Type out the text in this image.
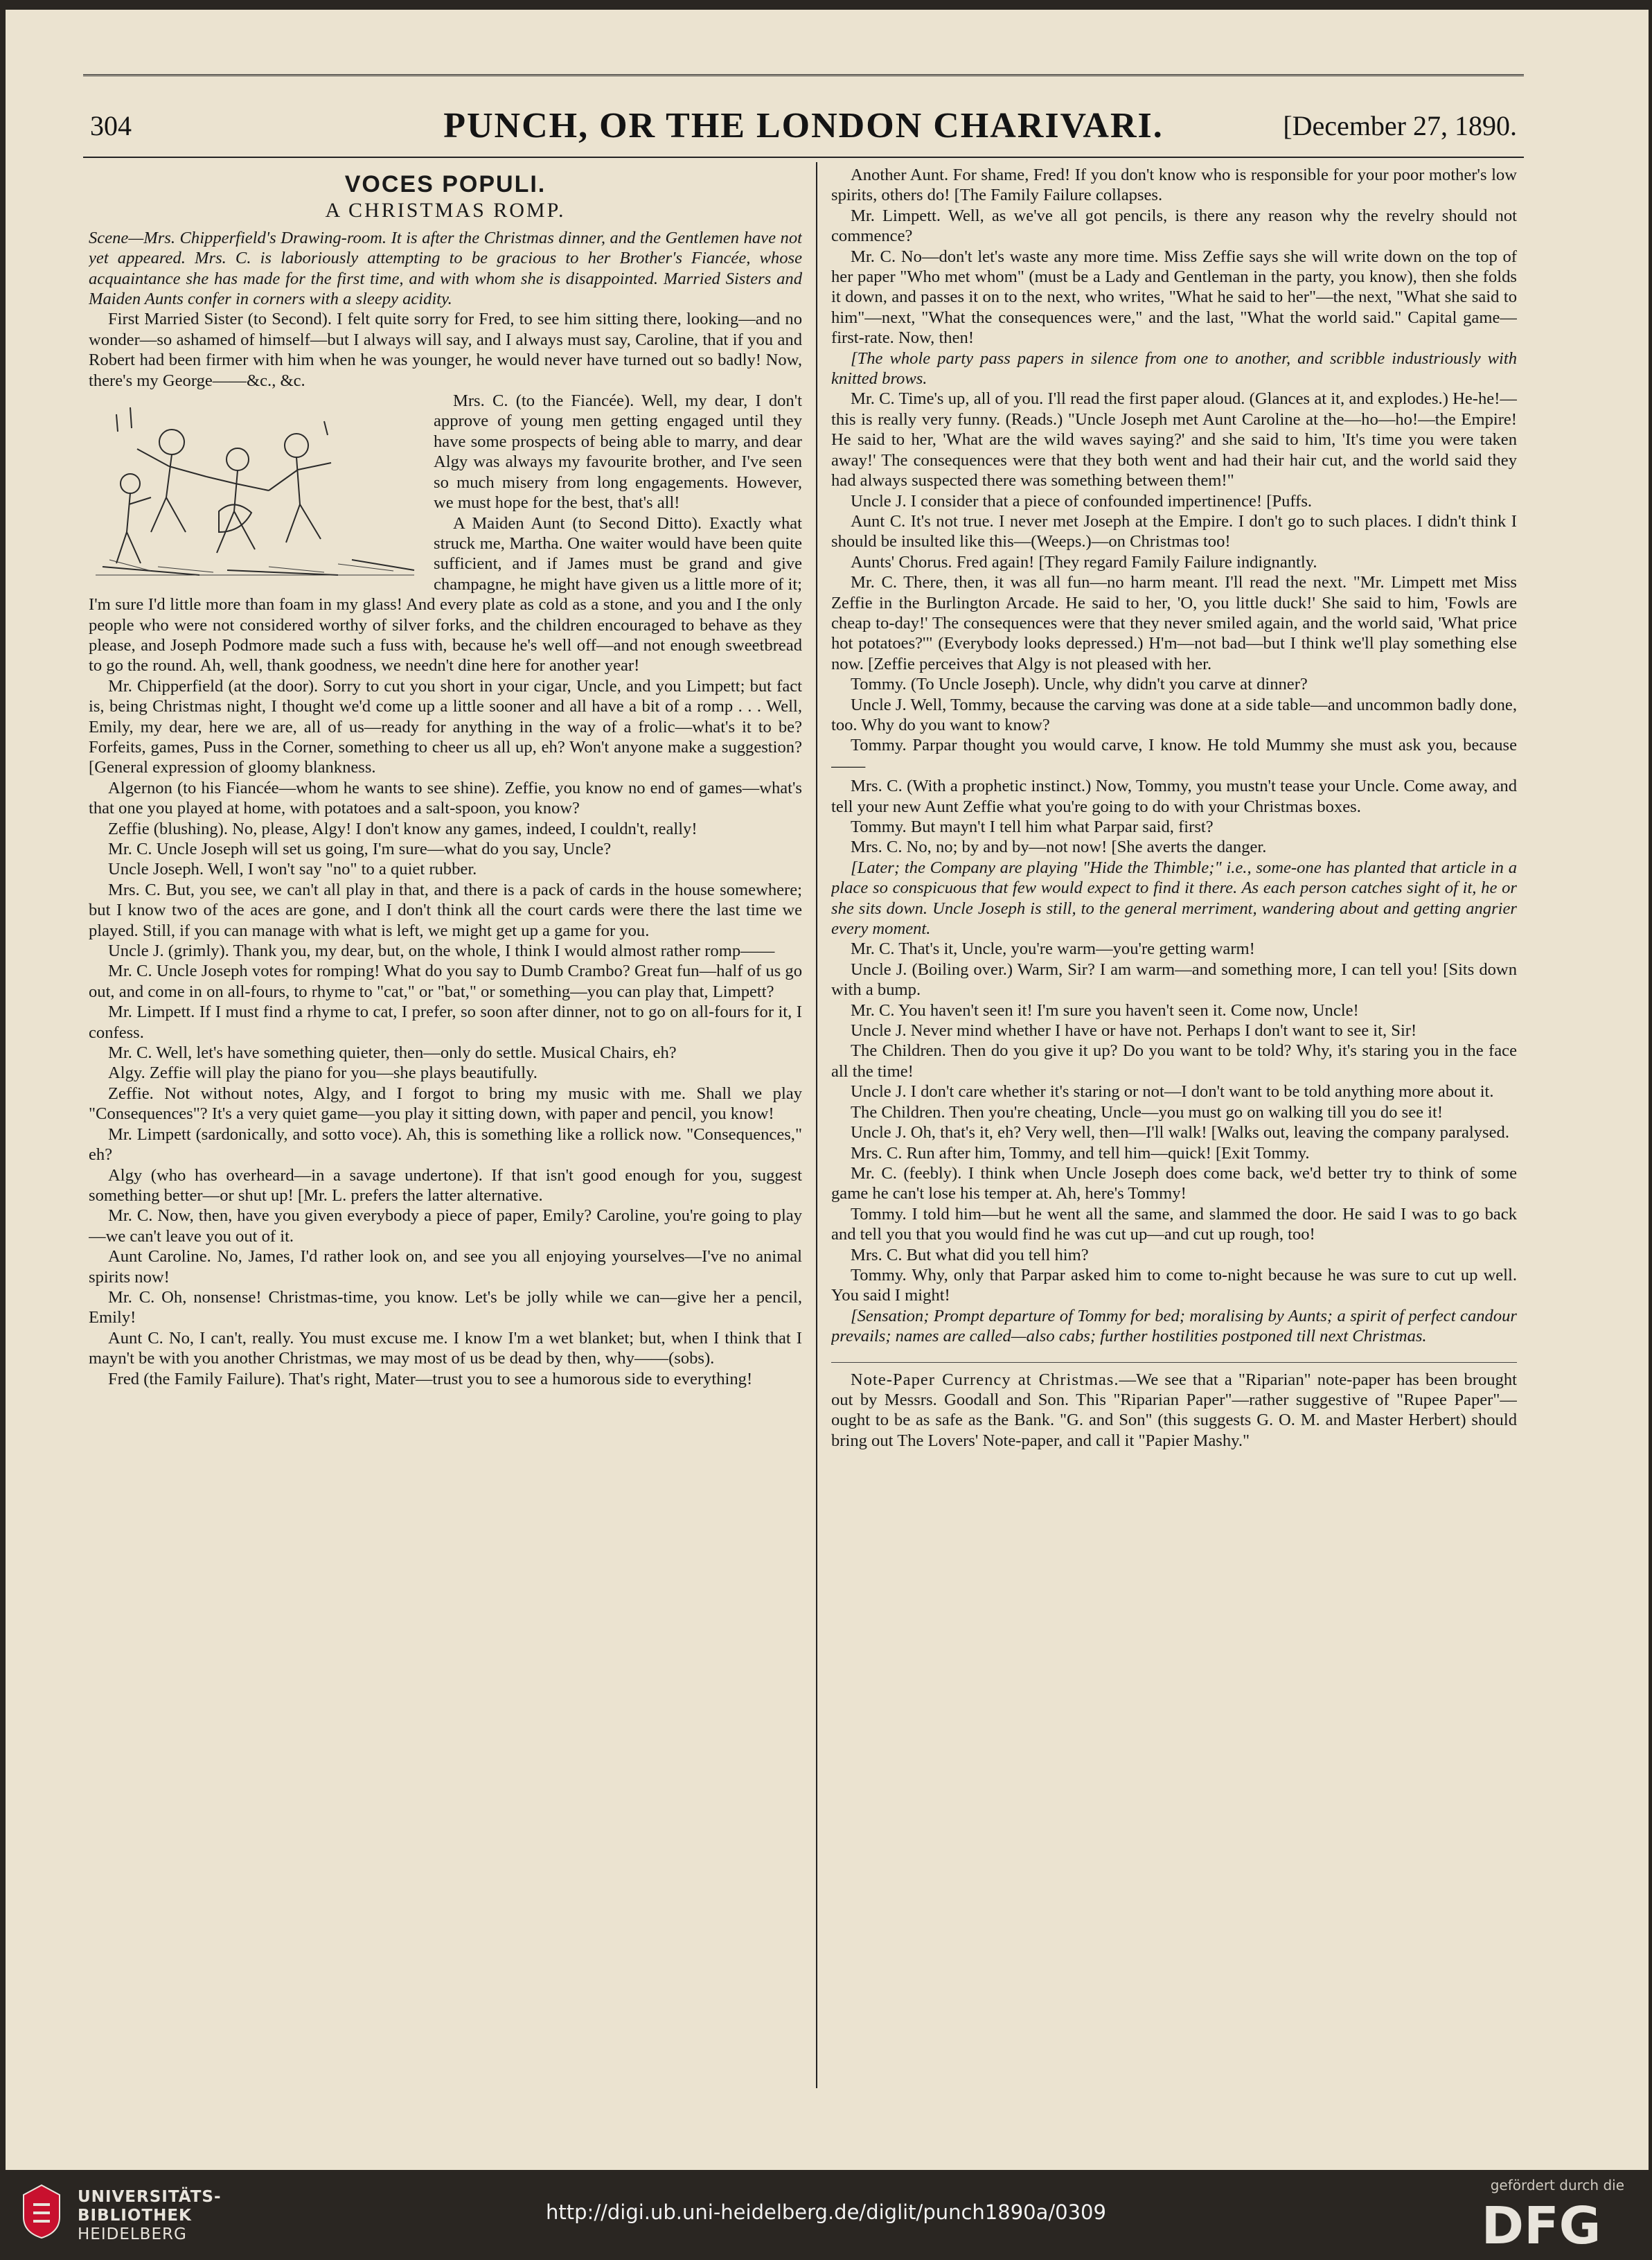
304	PUNCH, OR THE LONDON CHARIVARI.	[December 27, 1890.
VOCES POPULI.
A CHRISTMAS ROMP.

Scene—Mrs. Chipperfield's Drawing-room. It is after the Christmas dinner, and the Gentlemen have not yet appeared. Mrs. C. is laboriously attempting to be gracious to her Brother's Fiancée, whose acquaintance she has made for the first time, and with whom she is disappointed. Married Sisters and Maiden Aunts confer in corners with a sleepy acidity.

First Married Sister (to Second). I felt quite sorry for Fred, to see him sitting there, looking—and no wonder—so ashamed of himself—but I always will say, and I always must say, Caroline, that if you and Robert had been firmer with him when he was younger, he would never have turned out so badly! Now, there's my George——&c., &c.

Mrs. C. (to the Fiancée). Well, my dear, I don't approve of young men getting engaged until they have some prospects of being able to marry, and dear Algy was always my favourite brother, and I've seen so much misery from long engagements. However, we must hope for the best, that's all!

A Maiden Aunt (to Second Ditto). Exactly what struck me, Martha. One waiter would have been quite sufficient, and if James must be grand and give champagne, he might have given us a little more of it; I'm sure I'd little more than foam in my glass! And every plate as cold as a stone, and you and I the only people who were not considered worthy of silver forks, and the children encouraged to behave as they please, and Joseph Podmore made such a fuss with, because he's well off—and not enough sweetbread to go the round. Ah, well, thank goodness, we needn't dine here for another year!

Mr. Chipperfield (at the door). Sorry to cut you short in your cigar, Uncle, and you Limpett; but fact is, being Christmas night, I thought we'd come up a little sooner and all have a bit of a romp . . . Well, Emily, my dear, here we are, all of us—ready for anything in the way of a frolic—what's it to be? Forfeits, games, Puss in the Corner, something to cheer us all up, eh? Won't anyone make a suggestion? [General expression of gloomy blankness.

Algernon (to his Fiancée—whom he wants to see shine). Zeffie, you know no end of games—what's that one you played at home, with potatoes and a salt-spoon, you know?

Zeffie (blushing). No, please, Algy! I don't know any games, indeed, I couldn't, really!

Mr. C. Uncle Joseph will set us going, I'm sure—what do you say, Uncle?

Uncle Joseph. Well, I won't say "no" to a quiet rubber.

Mrs. C. But, you see, we can't all play in that, and there is a pack of cards in the house somewhere; but I know two of the aces are gone, and I don't think all the court cards were there the last time we played. Still, if you can manage with what is left, we might get up a game for you.

Uncle J. (grimly). Thank you, my dear, but, on the whole, I think I would almost rather romp——

Mr. C. Uncle Joseph votes for romping! What do you say to Dumb Crambo? Great fun—half of us go out, and come in on all-fours, to rhyme to "cat," or "bat," or something—you can play that, Limpett?

Mr. Limpett. If I must find a rhyme to cat, I prefer, so soon after dinner, not to go on all-fours for it, I confess.

Mr. C. Well, let's have something quieter, then—only do settle. Musical Chairs, eh?

Algy. Zeffie will play the piano for you—she plays beautifully.

Zeffie. Not without notes, Algy, and I forgot to bring my music with me. Shall we play "Consequences"? It's a very quiet game—you play it sitting down, with paper and pencil, you know!

Mr. Limpett (sardonically, and sotto voce). Ah, this is something like a rollick now. "Consequences," eh?

Algy (who has overheard—in a savage undertone). If that isn't good enough for you, suggest something better—or shut up! [Mr. L. prefers the latter alternative.

Mr. C. Now, then, have you given everybody a piece of paper, Emily? Caroline, you're going to play—we can't leave you out of it.

Aunt Caroline. No, James, I'd rather look on, and see you all enjoying yourselves—I've no animal spirits now!

Mr. C. Oh, nonsense! Christmas-time, you know. Let's be jolly while we can—give her a pencil, Emily!

Aunt C. No, I can't, really. You must excuse me. I know I'm a wet blanket; but, when I think that I mayn't be with you another Christmas, we may most of us be dead by then, why——(sobs).

Fred (the Family Failure). That's right, Mater—trust you to see a humorous side to everything!

Another Aunt. For shame, Fred! If you don't know who is responsible for your poor mother's low spirits, others do! [The Family Failure collapses.

Mr. Limpett. Well, as we've all got pencils, is there any reason why the revelry should not commence?

Mr. C. No—don't let's waste any more time. Miss Zeffie says she will write down on the top of her paper "Who met whom" (must be a Lady and Gentleman in the party, you know), then she folds it down, and passes it on to the next, who writes, "What he said to her"—the next, "What she said to him"—next, "What the consequences were," and the last, "What the world said." Capital game—first-rate. Now, then!

[The whole party pass papers in silence from one to another, and scribble industriously with knitted brows.

Mr. C. Time's up, all of you. I'll read the first paper aloud. (Glances at it, and explodes.) He-he!—this is really very funny. (Reads.) "Uncle Joseph met Aunt Caroline at the—ho—ho!—the Empire! He said to her, 'What are the wild waves saying?' and she said to him, 'It's time you were taken away!' The consequences were that they both went and had their hair cut, and the world said they had always suspected there was something between them!"

Uncle J. I consider that a piece of confounded impertinence! [Puffs.

Aunt C. It's not true. I never met Joseph at the Empire. I don't go to such places. I didn't think I should be insulted like this—(Weeps.)—on Christmas too!

Aunts' Chorus. Fred again! [They regard Family Failure indignantly.

Mr. C. There, then, it was all fun—no harm meant. I'll read the next. "Mr. Limpett met Miss Zeffie in the Burlington Arcade. He said to her, 'O, you little duck!' She said to him, 'Fowls are cheap to-day!' The consequences were that they never smiled again, and the world said, 'What price hot potatoes?'" (Everybody looks depressed.) H'm—not bad—but I think we'll play something else now. [Zeffie perceives that Algy is not pleased with her.

Tommy. (To Uncle Joseph). Uncle, why didn't you carve at dinner?

Uncle J. Well, Tommy, because the carving was done at a side table—and uncommon badly done, too. Why do you want to know?

Tommy. Parpar thought you would carve, I know. He told Mummy she must ask you, because——

Mrs. C. (With a prophetic instinct.) Now, Tommy, you mustn't tease your Uncle. Come away, and tell your new Aunt Zeffie what you're going to do with your Christmas boxes.

Tommy. But mayn't I tell him what Parpar said, first?

Mrs. C. No, no; by and by—not now! [She averts the danger.

[Later; the Company are playing "Hide the Thimble;" i.e., some-one has planted that article in a place so conspicuous that few would expect to find it there. As each person catches sight of it, he or she sits down. Uncle Joseph is still, to the general merriment, wandering about and getting angrier every moment.

Mr. C. That's it, Uncle, you're warm—you're getting warm!

Uncle J. (Boiling over.) Warm, Sir? I am warm—and something more, I can tell you! [Sits down with a bump.

Mr. C. You haven't seen it! I'm sure you haven't seen it. Come now, Uncle!

Uncle J. Never mind whether I have or have not. Perhaps I don't want to see it, Sir!

The Children. Then do you give it up? Do you want to be told? Why, it's staring you in the face all the time!

Uncle J. I don't care whether it's staring or not—I don't want to be told anything more about it.

The Children. Then you're cheating, Uncle—you must go on walking till you do see it!

Uncle J. Oh, that's it, eh? Very well, then—I'll walk! [Walks out, leaving the company paralysed.

Mrs. C. Run after him, Tommy, and tell him—quick! [Exit Tommy.

Mr. C. (feebly). I think when Uncle Joseph does come back, we'd better try to think of some game he can't lose his temper at. Ah, here's Tommy!

Tommy. I told him—but he went all the same, and slammed the door. He said I was to go back and tell you that you would find he was cut up—and cut up rough, too!

Mrs. C. But what did you tell him?

Tommy. Why, only that Parpar asked him to come to-night because he was sure to cut up well. You said I might!

[Sensation; Prompt departure of Tommy for bed; moralising by Aunts; a spirit of perfect candour prevails; names are called—also cabs; further hostilities postponed till next Christmas.

Note-Paper Currency at Christmas.—We see that a "Riparian" note-paper has been brought out by Messrs. Goodall and Son. This "Riparian Paper"—rather suggestive of "Rupee Paper"—ought to be as safe as the Bank. "G. and Son" (this suggests G. O. M. and Master Herbert) should bring out The Lovers' Note-paper, and call it "Papier Mashy."

UNIVERSITÄTS-
BIBLIOTHEK
HEIDELBERG
http://digi.ub.uni-heidelberg.de/diglit/punch1890a/0309
gefördert durch die
DFG
